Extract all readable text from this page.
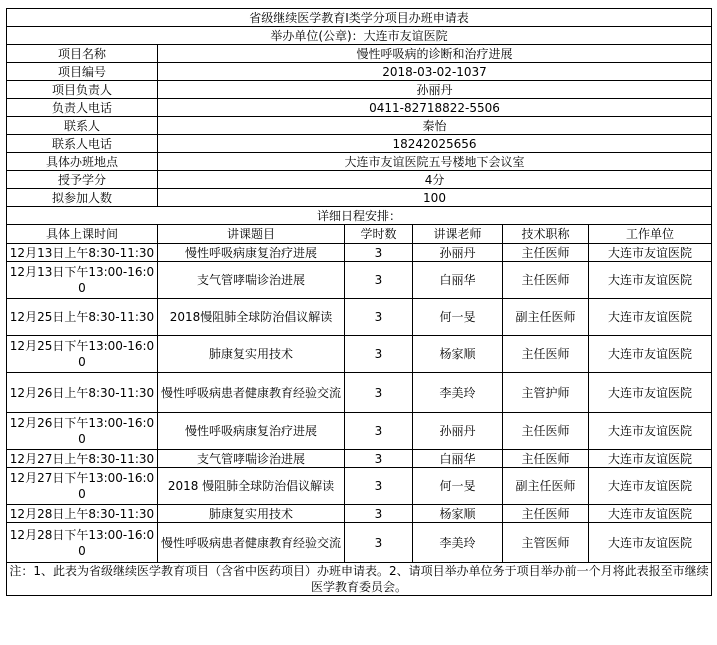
省级继续医学教育Ⅰ类学分项目办班申请表					
举办单位(公章)：大连市友谊医院					
项目名称	慢性呼吸病的诊断和治疗进展				
项目编号	2018-03-02-1037				
项目负责人	孙丽丹				
负责人电话	0411-82718822-5506				
联系人	秦怡				
联系人电话	18242025656				
具体办班地点	大连市友谊医院五号楼地下会议室				
授予学分	4分				
拟参加人数	100				
详细日程安排：					
具体上课时间	讲课题目	学时数	讲课老师	技术职称	工作单位
12月13日上午8:30-11:30	慢性呼吸病康复治疗进展	3	孙丽丹	主任医师	大连市友谊医院
12月13日下午13:00-16:00	支气管哮喘诊治进展	3	白丽华	主任医师	大连市友谊医院
12月25日上午8:30-11:30	2018慢阻肺全球防治倡议解读	3	何一旻	副主任医师	大连市友谊医院
12月25日下午13:00-16:00	肺康复实用技术	3	杨家顺	主任医师	大连市友谊医院
12月26日上午8:30-11:30	慢性呼吸病患者健康教育经验交流	3	李美玲	主管护师	大连市友谊医院
12月26日下午13:00-16:00	慢性呼吸病康复治疗进展	3	孙丽丹	主任医师	大连市友谊医院
12月27日上午8:30-11:30	支气管哮喘诊治进展	3	白丽华	主任医师	大连市友谊医院
12月27日下午13:00-16:00	2018 慢阻肺全球防治倡议解读	3	何一旻	副主任医师	大连市友谊医院
12月28日上午8:30-11:30	肺康复实用技术	3	杨家顺	主任医师	大连市友谊医院
12月28日下午13:00-16:00	慢性呼吸病患者健康教育经验交流	3	李美玲	主管医师	大连市友谊医院
注：1、此表为省级继续医学教育项目（含省中医药项目）办班申请表。2、请项目举办单位务于项目举办前一个月将此表报至市继续医学教育委员会。					
